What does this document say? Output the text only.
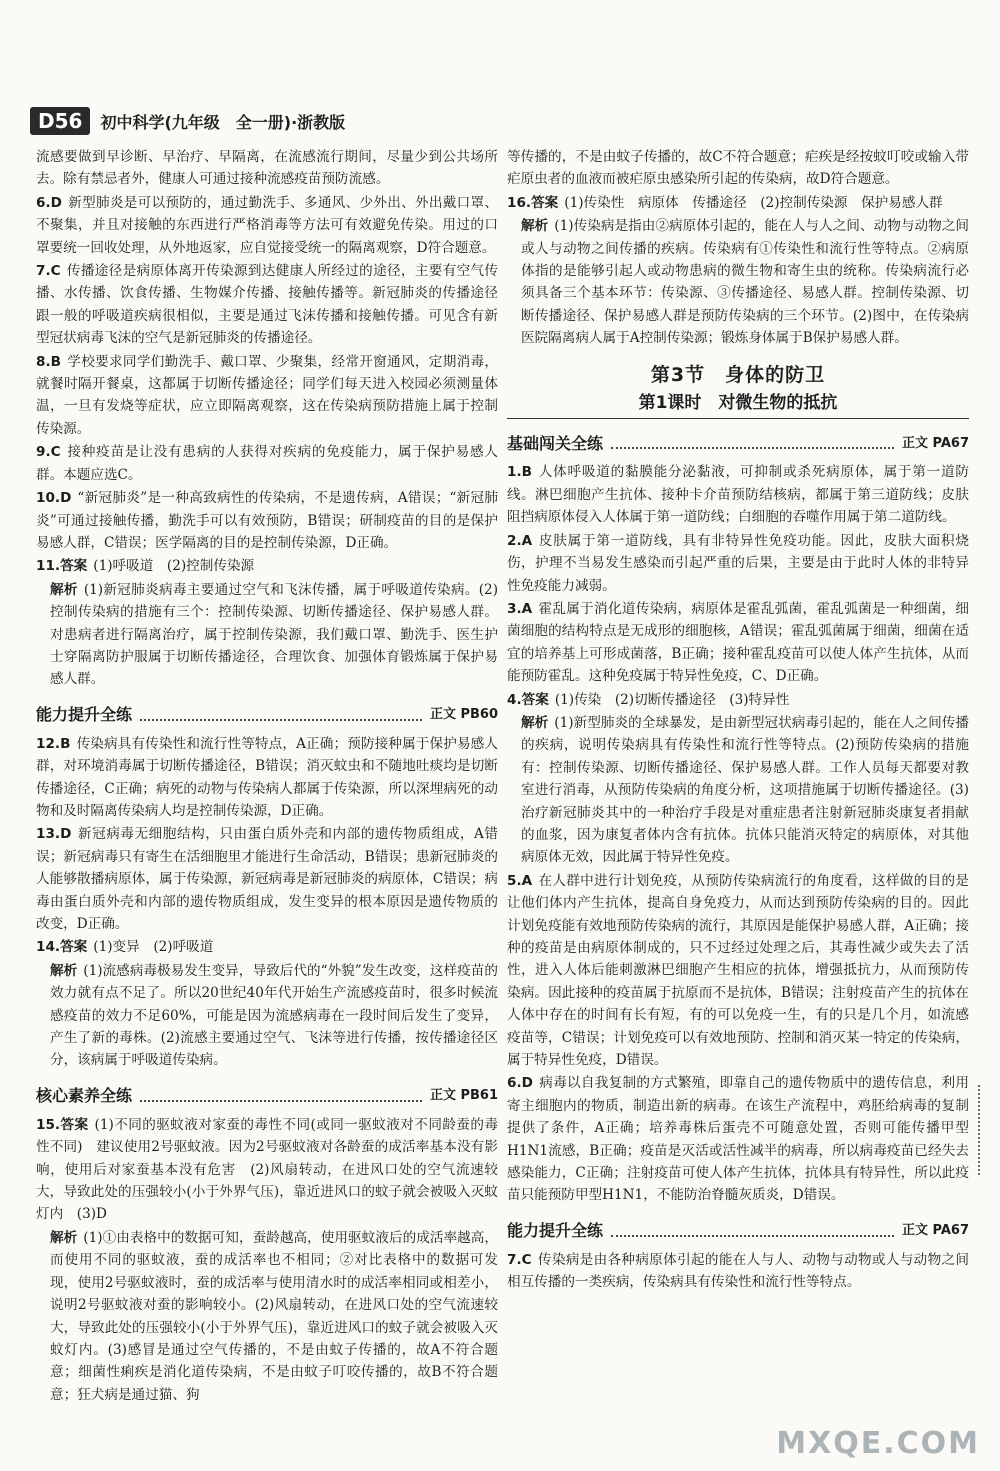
D56	初中科学(九年级　全一册)·浙教版
流感要做到早诊断、早治疗、早隔离，在流感流行期间，尽量少到公共场所去。除有禁忌者外，健康人可通过接种流感疫苗预防流感。
6.D 新型肺炎是可以预防的，通过勤洗手、多通风、少外出、外出戴口罩、不聚集，并且对接触的东西进行严格消毒等方法可有效避免传染。用过的口罩要统一回收处理，从外地返家，应自觉接受统一的隔离观察，D符合题意。
7.C 传播途径是病原体离开传染源到达健康人所经过的途径，主要有空气传播、水传播、饮食传播、生物媒介传播、接触传播等。新冠肺炎的传播途径跟一般的呼吸道疾病很相似，主要是通过飞沫传播和接触传播。可见含有新型冠状病毒飞沫的空气是新冠肺炎的传播途径。
8.B 学校要求同学们勤洗手、戴口罩、少聚集，经常开窗通风，定期消毒，就餐时隔开餐桌，这都属于切断传播途径；同学们每天进入校园必须测量体温，一旦有发烧等症状，应立即隔离观察，这在传染病预防措施上属于控制传染源。
9.C 接种疫苗是让没有患病的人获得对疾病的免疫能力，属于保护易感人群。本题应选C。
10.D “新冠肺炎”是一种高致病性的传染病，不是遗传病，A错误；“新冠肺炎”可通过接触传播，勤洗手可以有效预防，B错误；研制疫苗的目的是保护易感人群，C错误；医学隔离的目的是控制传染源，D正确。
11.答案 (1)呼吸道　(2)控制传染源
解析 (1)新冠肺炎病毒主要通过空气和飞沫传播，属于呼吸道传染病。(2)控制传染病的措施有三个：控制传染源、切断传播途径、保护易感人群。对患病者进行隔离治疗，属于控制传染源，我们戴口罩、勤洗手、医生护士穿隔离防护服属于切断传播途径，合理饮食、加强体育锻炼属于保护易感人群。
能力提升全练	正文 PB60
12.B 传染病具有传染性和流行性等特点，A正确；预防接种属于保护易感人群，对环境消毒属于切断传播途径，B错误；消灭蚊虫和不随地吐痰均是切断传播途径，C正确；病死的动物与传染病人都属于传染源，所以深埋病死的动物和及时隔离传染病人均是控制传染源，D正确。
13.D 新冠病毒无细胞结构，只由蛋白质外壳和内部的遗传物质组成，A错误；新冠病毒只有寄生在活细胞里才能进行生命活动，B错误；患新冠肺炎的人能够散播病原体，属于传染源，新冠病毒是新冠肺炎的病原体，C错误；病毒由蛋白质外壳和内部的遗传物质组成，发生变异的根本原因是遗传物质的改变，D正确。
14.答案 (1)变异　(2)呼吸道
解析 (1)流感病毒极易发生变异，导致后代的“外貌”发生改变，这样疫苗的效力就有点不足了。所以20世纪40年代开始生产流感疫苗时，很多时候流感疫苗的效力不足60%，可能是因为流感病毒在一段时间后发生了变异，产生了新的毒株。(2)流感主要通过空气、飞沫等进行传播，按传播途径区分，该病属于呼吸道传染病。
核心素养全练	正文 PB61
15.答案 (1)不同的驱蚊液对家蚕的毒性不同(或同一驱蚊液对不同龄蚕的毒性不同)　建议使用2号驱蚊液。因为2号驱蚊液对各龄蚕的成活率基本没有影响，使用后对家蚕基本没有危害　(2)风扇转动，在进风口处的空气流速较大，导致此处的压强较小(小于外界气压)，靠近进风口的蚊子就会被吸入灭蚊灯内　(3)D
解析 (1)①由表格中的数据可知，蚕龄越高，使用驱蚊液后的成活率越高，而使用不同的驱蚊液，蚕的成活率也不相同；②对比表格中的数据可发现，使用2号驱蚊液时，蚕的成活率与使用清水时的成活率相同或相差小，说明2号驱蚊液对蚕的影响较小。(2)风扇转动，在进风口处的空气流速较大，导致此处的压强较小(小于外界气压)，靠近进风口的蚊子就会被吸入灭蚊灯内。(3)感冒是通过空气传播的，不是由蚊子传播的，故A不符合题意；细菌性痢疾是消化道传染病，不是由蚊子叮咬传播的，故B不符合题意；狂犬病是通过猫、狗
等传播的，不是由蚊子传播的，故C不符合题意；疟疾是经按蚊叮咬或输入带疟原虫者的血液而被疟原虫感染所引起的传染病，故D符合题意。
16.答案 (1)传染性　病原体　传播途径　(2)控制传染源　保护易感人群
解析 (1)传染病是指由②病原体引起的，能在人与人之间、动物与动物之间或人与动物之间传播的疾病。传染病有①传染性和流行性等特点。②病原体指的是能够引起人或动物患病的微生物和寄生虫的统称。传染病流行必须具备三个基本环节：传染源、③传播途径、易感人群。控制传染源、切断传播途径、保护易感人群是预防传染病的三个环节。(2)图中，在传染病医院隔离病人属于A控制传染源；锻炼身体属于B保护易感人群。
第3节　身体的防卫
第1课时　对微生物的抵抗
基础闯关全练	正文 PA67
1.B 人体呼吸道的黏膜能分泌黏液，可抑制或杀死病原体，属于第一道防线。淋巴细胞产生抗体、接种卡介苗预防结核病，都属于第三道防线；皮肤阻挡病原体侵入人体属于第一道防线；白细胞的吞噬作用属于第二道防线。
2.A 皮肤属于第一道防线，具有非特异性免疫功能。因此，皮肤大面积烧伤，护理不当易发生感染而引起严重的后果，主要是由于此时人体的非特异性免疫能力减弱。
3.A 霍乱属于消化道传染病，病原体是霍乱弧菌，霍乱弧菌是一种细菌，细菌细胞的结构特点是无成形的细胞核，A错误；霍乱弧菌属于细菌，细菌在适宜的培养基上可形成菌落，B正确；接种霍乱疫苗可以使人体产生抗体，从而能预防霍乱。这种免疫属于特异性免疫，C、D正确。
4.答案 (1)传染　(2)切断传播途径　(3)特异性
解析 (1)新型肺炎的全球暴发，是由新型冠状病毒引起的，能在人之间传播的疾病，说明传染病具有传染性和流行性等特点。(2)预防传染病的措施有：控制传染源、切断传播途径、保护易感人群。工作人员每天都要对教室进行消毒，从预防传染病的角度分析，这项措施属于切断传播途径。(3)治疗新冠肺炎其中的一种治疗手段是对重症患者注射新冠肺炎康复者捐献的血浆，因为康复者体内含有抗体。抗体只能消灭特定的病原体，对其他病原体无效，因此属于特异性免疫。
5.A 在人群中进行计划免疫，从预防传染病流行的角度看，这样做的目的是让他们体内产生抗体，提高自身免疫力，从而达到预防传染病的目的。因此计划免疫能有效地预防传染病的流行，其原因是能保护易感人群，A正确；接种的疫苗是由病原体制成的，只不过经过处理之后，其毒性减少或失去了活性，进入人体后能刺激淋巴细胞产生相应的抗体，增强抵抗力，从而预防传染病。因此接种的疫苗属于抗原而不是抗体，B错误；注射疫苗产生的抗体在人体中存在的时间有长有短，有的可以免疫一生，有的只是几个月，如流感疫苗等，C错误；计划免疫可以有效地预防、控制和消灭某一特定的传染病，属于特异性免疫，D错误。
6.D 病毒以自我复制的方式繁殖，即靠自己的遗传物质中的遗传信息，利用寄主细胞内的物质，制造出新的病毒。在该生产流程中，鸡胚给病毒的复制提供了条件，A正确；培养毒株后蛋壳不可随意处置，否则可能传播甲型H1N1流感，B正确；疫苗是灭活或活性减半的病毒，所以病毒疫苗已经失去感染能力，C正确；注射疫苗可使人体产生抗体，抗体具有特异性，所以此疫苗只能预防甲型H1N1，不能防治脊髓灰质炎，D错误。
能力提升全练	正文 PA67
7.C 传染病是由各种病原体引起的能在人与人、动物与动物或人与动物之间相互传播的一类疾病，传染病具有传染性和流行性等特点。
MXQE.COM
